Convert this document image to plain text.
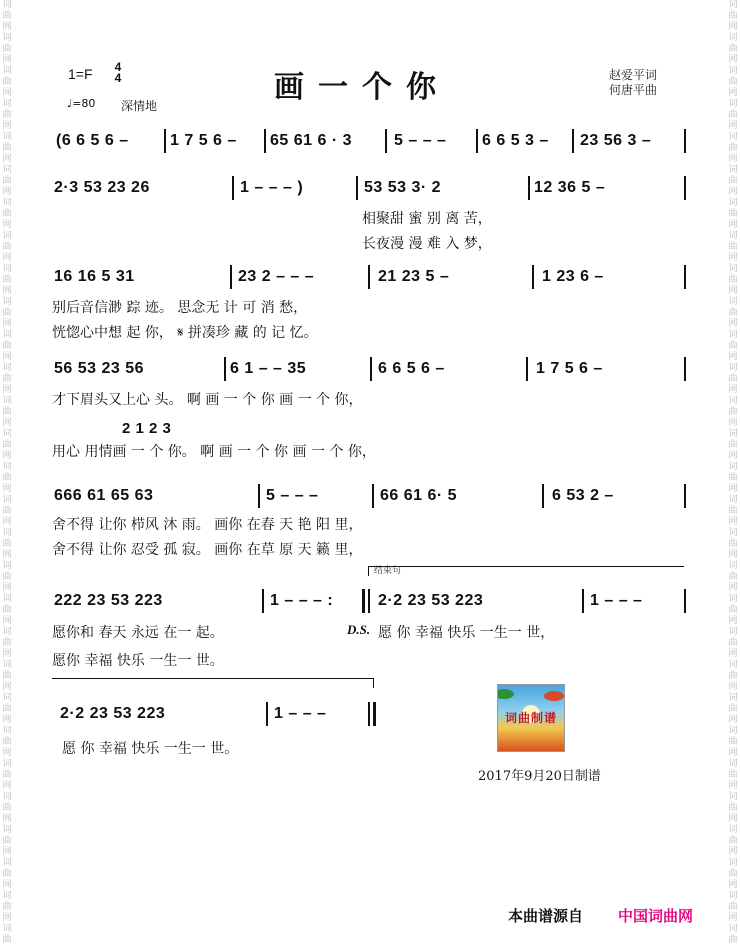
词
曲
网
词
曲
网
词
曲
网
词
曲
网
词
曲
网
词
曲
网
词
曲
网
词
曲
网
词
曲
网
词
曲
网
词
曲
网
词
曲
网
词
曲
网
词
曲
网
词
曲
网
词
曲
网
词
曲
网
词
曲
网
词
曲
网
词
曲
网
词
曲
网
词
曲
网
词
曲
网
词
曲
网
词
曲
网
词
曲
网
词
曲
网
词
曲
网
词
曲
词
曲
网
词
曲
网
词
曲
网
词
曲
网
词
曲
网
词
曲
网
词
曲
网
词
曲
网
词
曲
网
词
曲
网
词
曲
网
词
曲
网
词
曲
网
词
曲
网
词
曲
网
词
曲
网
词
曲
网
词
曲
网
词
曲
网
词
曲
网
词
曲
网
词
曲
网
词
曲
网
词
曲
网
词
曲
网
词
曲
网
词
曲
网
词
曲
网
词
曲
1=F 4
4
♩=80 深情地
画一个你	赵爱平词
何唐平曲
(6 6 5 6 –	1 7 5 6 – 65 61 6 · 3	5 – – – 6 6 5 3 – 23 56 3 –
2·3 53 23 26	1 – – – )	53 53 3· 2	12 36 5 –
相聚甜 蜜 别 离 苦，
长夜漫 漫 难 入 梦，
16 16 5 31	23 2 – – –	21 23 5 –	1 23 6 –
别后音信渺 踪 迹。 思念无 计 可 消 愁，
恍惚心中想 起 你， 𝄋 拼凑珍 藏 的 记 忆。
56 53 23 56	6 1 – – 35	6 6 5 6 –	1 7 5 6 –
才下眉头又上心 头。 啊 画 一 个 你 画 一 个 你，
2 1 2 3
用心 用情画 一 个 你。 啊 画 一 个 你 画 一 个 你，
666 61 65 63	5 – – –	66 61 6· 5	6 53 2 –
舍不得 让你 栉风 沐 雨。 画你 在春 天 艳 阳 里，
舍不得 让你 忍受 孤 寂。 画你 在草 原 天 籁 里，
结束句
222 23 53 223	1 – – – :	2·2 23 53 223	1 – – –
愿你和 春天 永远 在一 起。	D.S. 愿 你 幸福 快乐 一生一 世，
愿你 幸福 快乐 一生一 世。
2·2 23 53 223	1 – – –
愿 你 幸福 快乐 一生一 世。
词曲制谱
2017年9月20日制谱
本曲谱源自 中国词曲网
